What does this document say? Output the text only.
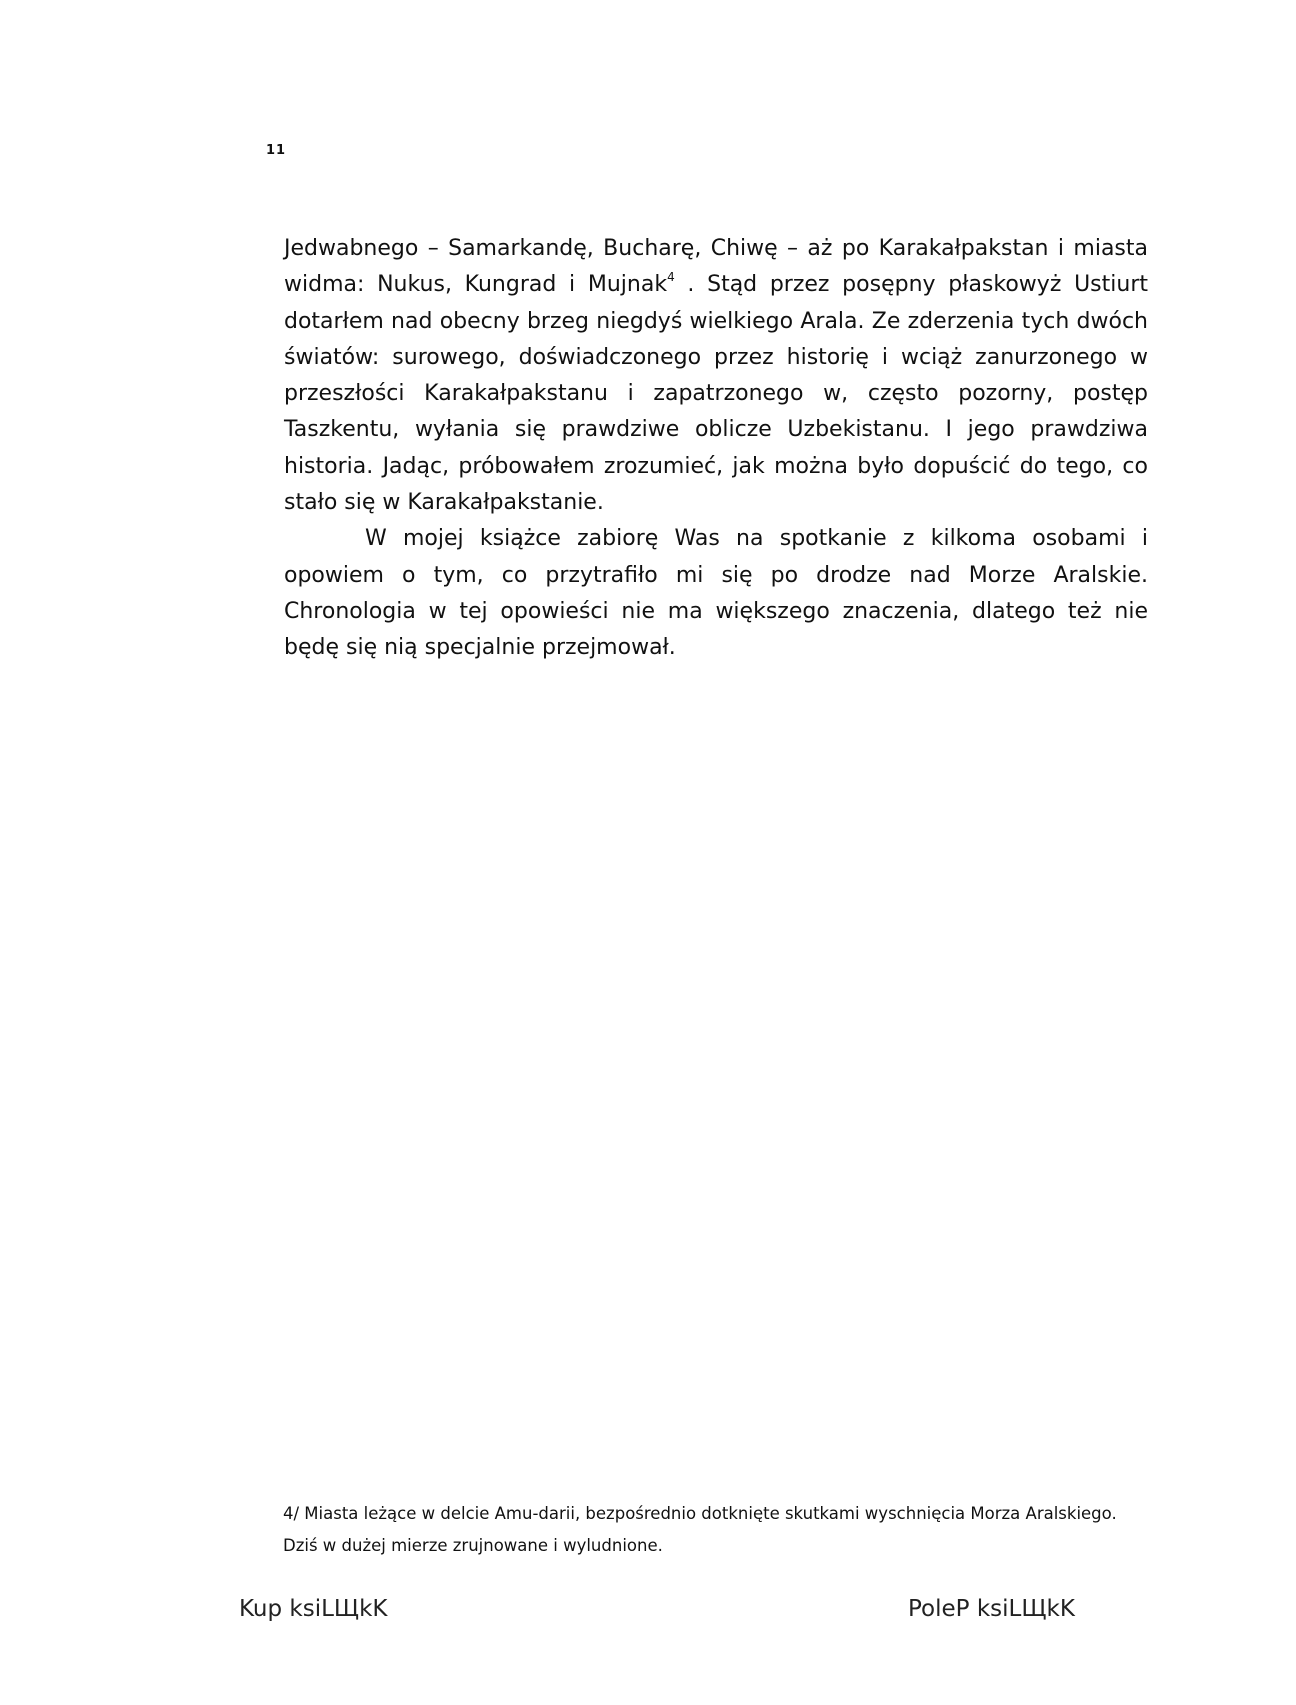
11

Jedwabnego – Samarkandę, Bucharę, Chiwę – aż po Karakałpakstan i miasta widma: Nukus, Kungrad i Mujnak$^4$ . Stąd przez posępny płaskowyż Ustiurt dotarłem nad obecny brzeg niegdyś wielkiego Arala. Ze zderzenia tych dwóch światów: surowego, doświadczonego przez historię i wciąż zanurzonego w przeszłości Karakałpakstanu i zapatrzonego w, często pozorny, postęp Taszkentu, wyłania się prawdziwe oblicze Uzbekistanu. I jego prawdziwa historia. Jadąc, próbowałem zrozumieć, jak można było dopuścić do tego, co stało się w Karakałpakstanie.

W mojej książce zabiorę Was na spotkanie z kilkoma osobami i opowiem o tym, co przytrafiło mi się po drodze nad Morze Aralskie. Chronologia w tej opowieści nie ma większego znaczenia, dlatego też nie będę się nią specjalnie przejmował.

4/ Miasta leżące w delcie Amu-darii, bezpośrednio dotknięte skutkami wyschnięcia Morza Aralskiego.

Dziś w dużej mierze zrujnowane i wyludnione.

Kup ksiLЩkK	PoleP ksiLЩkK
